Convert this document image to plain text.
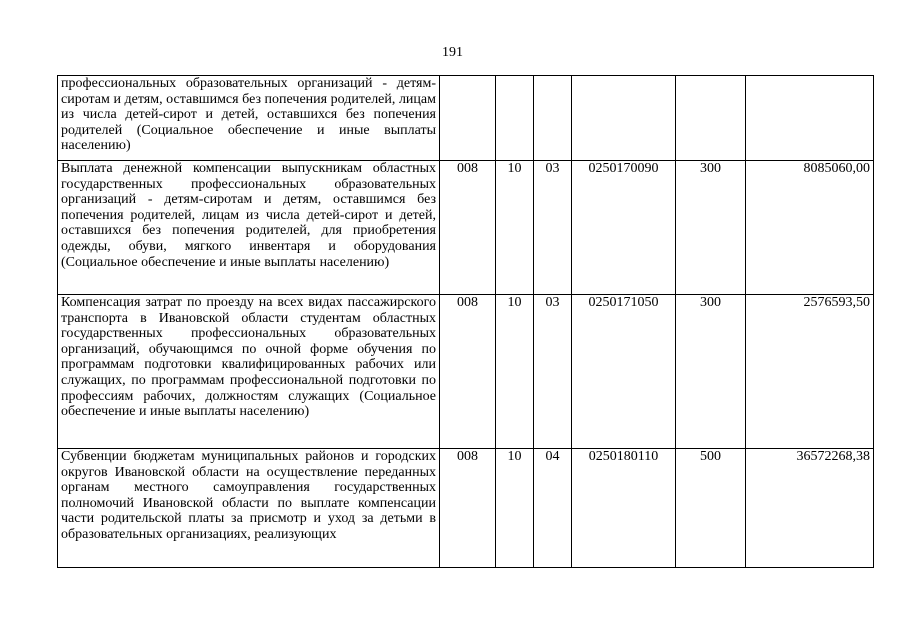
191
профессиональных образовательных организаций - детям-сиротам и детям, оставшимся без попечения родителей, лицам из числа детей-сирот и детей, оставшихся без попечения родителей (Социальное обеспечение и иные выплаты населению)						
Выплата денежной компенсации выпускникам областных государственных профессиональных образовательных организаций - детям-сиротам и детям, оставшимся без попечения родителей, лицам из числа детей-сирот и детей, оставшихся без попечения родителей, для приобретения одежды, обуви, мягкого инвентаря и оборудования (Социальное обеспечение и иные выплаты населению)	008	10	03	0250170090	300	8085060,00
Компенсация затрат по проезду на всех видах пассажирского транспорта в Ивановской области студентам областных государственных профессиональных образовательных организаций, обучающимся по очной форме обучения по программам подготовки квалифицированных рабочих или служащих, по программам профессиональной подготовки по профессиям рабочих, должностям служащих (Социальное обеспечение и иные выплаты населению)	008	10	03	0250171050	300	2576593,50
Субвенции бюджетам муниципальных районов и городских округов Ивановской области на осуществление переданных органам местного самоуправления государственных полномочий Ивановской области по выплате компенсации части родительской платы за присмотр и уход за детьми в образовательных организациях, реализующих	008	10	04	0250180110	500	36572268,38
